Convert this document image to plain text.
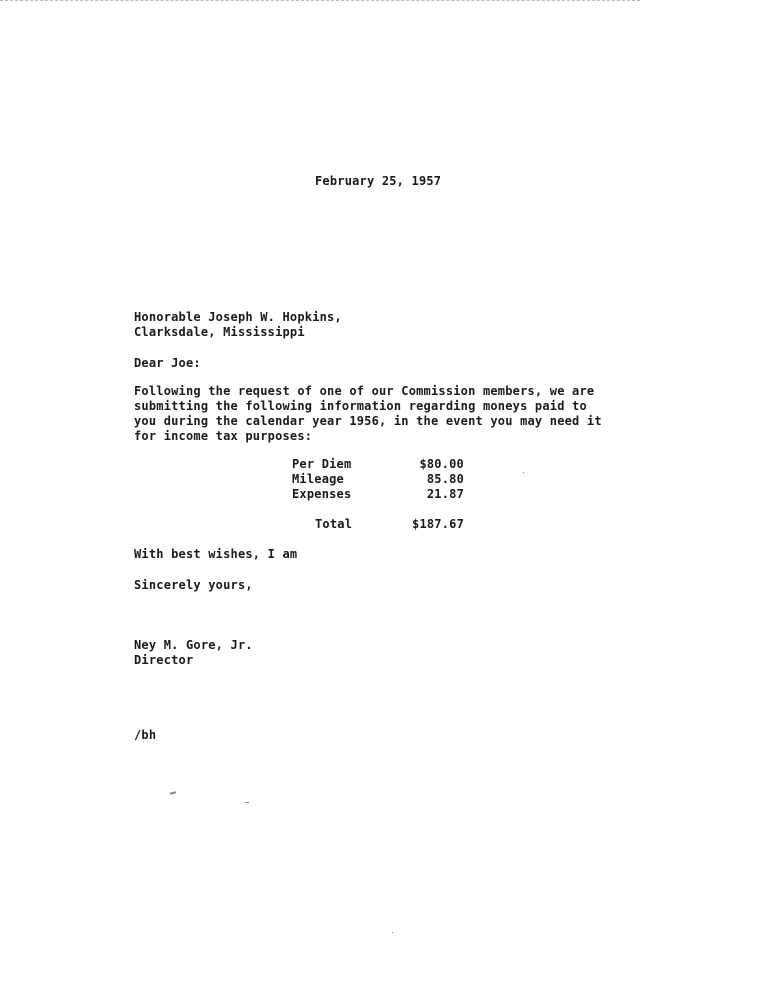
February 25, 1957
Honorable Joseph W. Hopkins,
Clarksdale, Mississippi
Dear Joe:
Following the request of one of our Commission members, we are
submitting the following information regarding moneys paid to
you during the calendar year 1956, in the event you may need it
for income tax purposes:
Per Diem	$80.00
Mileage	85.80
Expenses	21.87
Total	$187.67
With best wishes, I am
Sincerely yours,
Ney M. Gore, Jr.
Director
/bh
